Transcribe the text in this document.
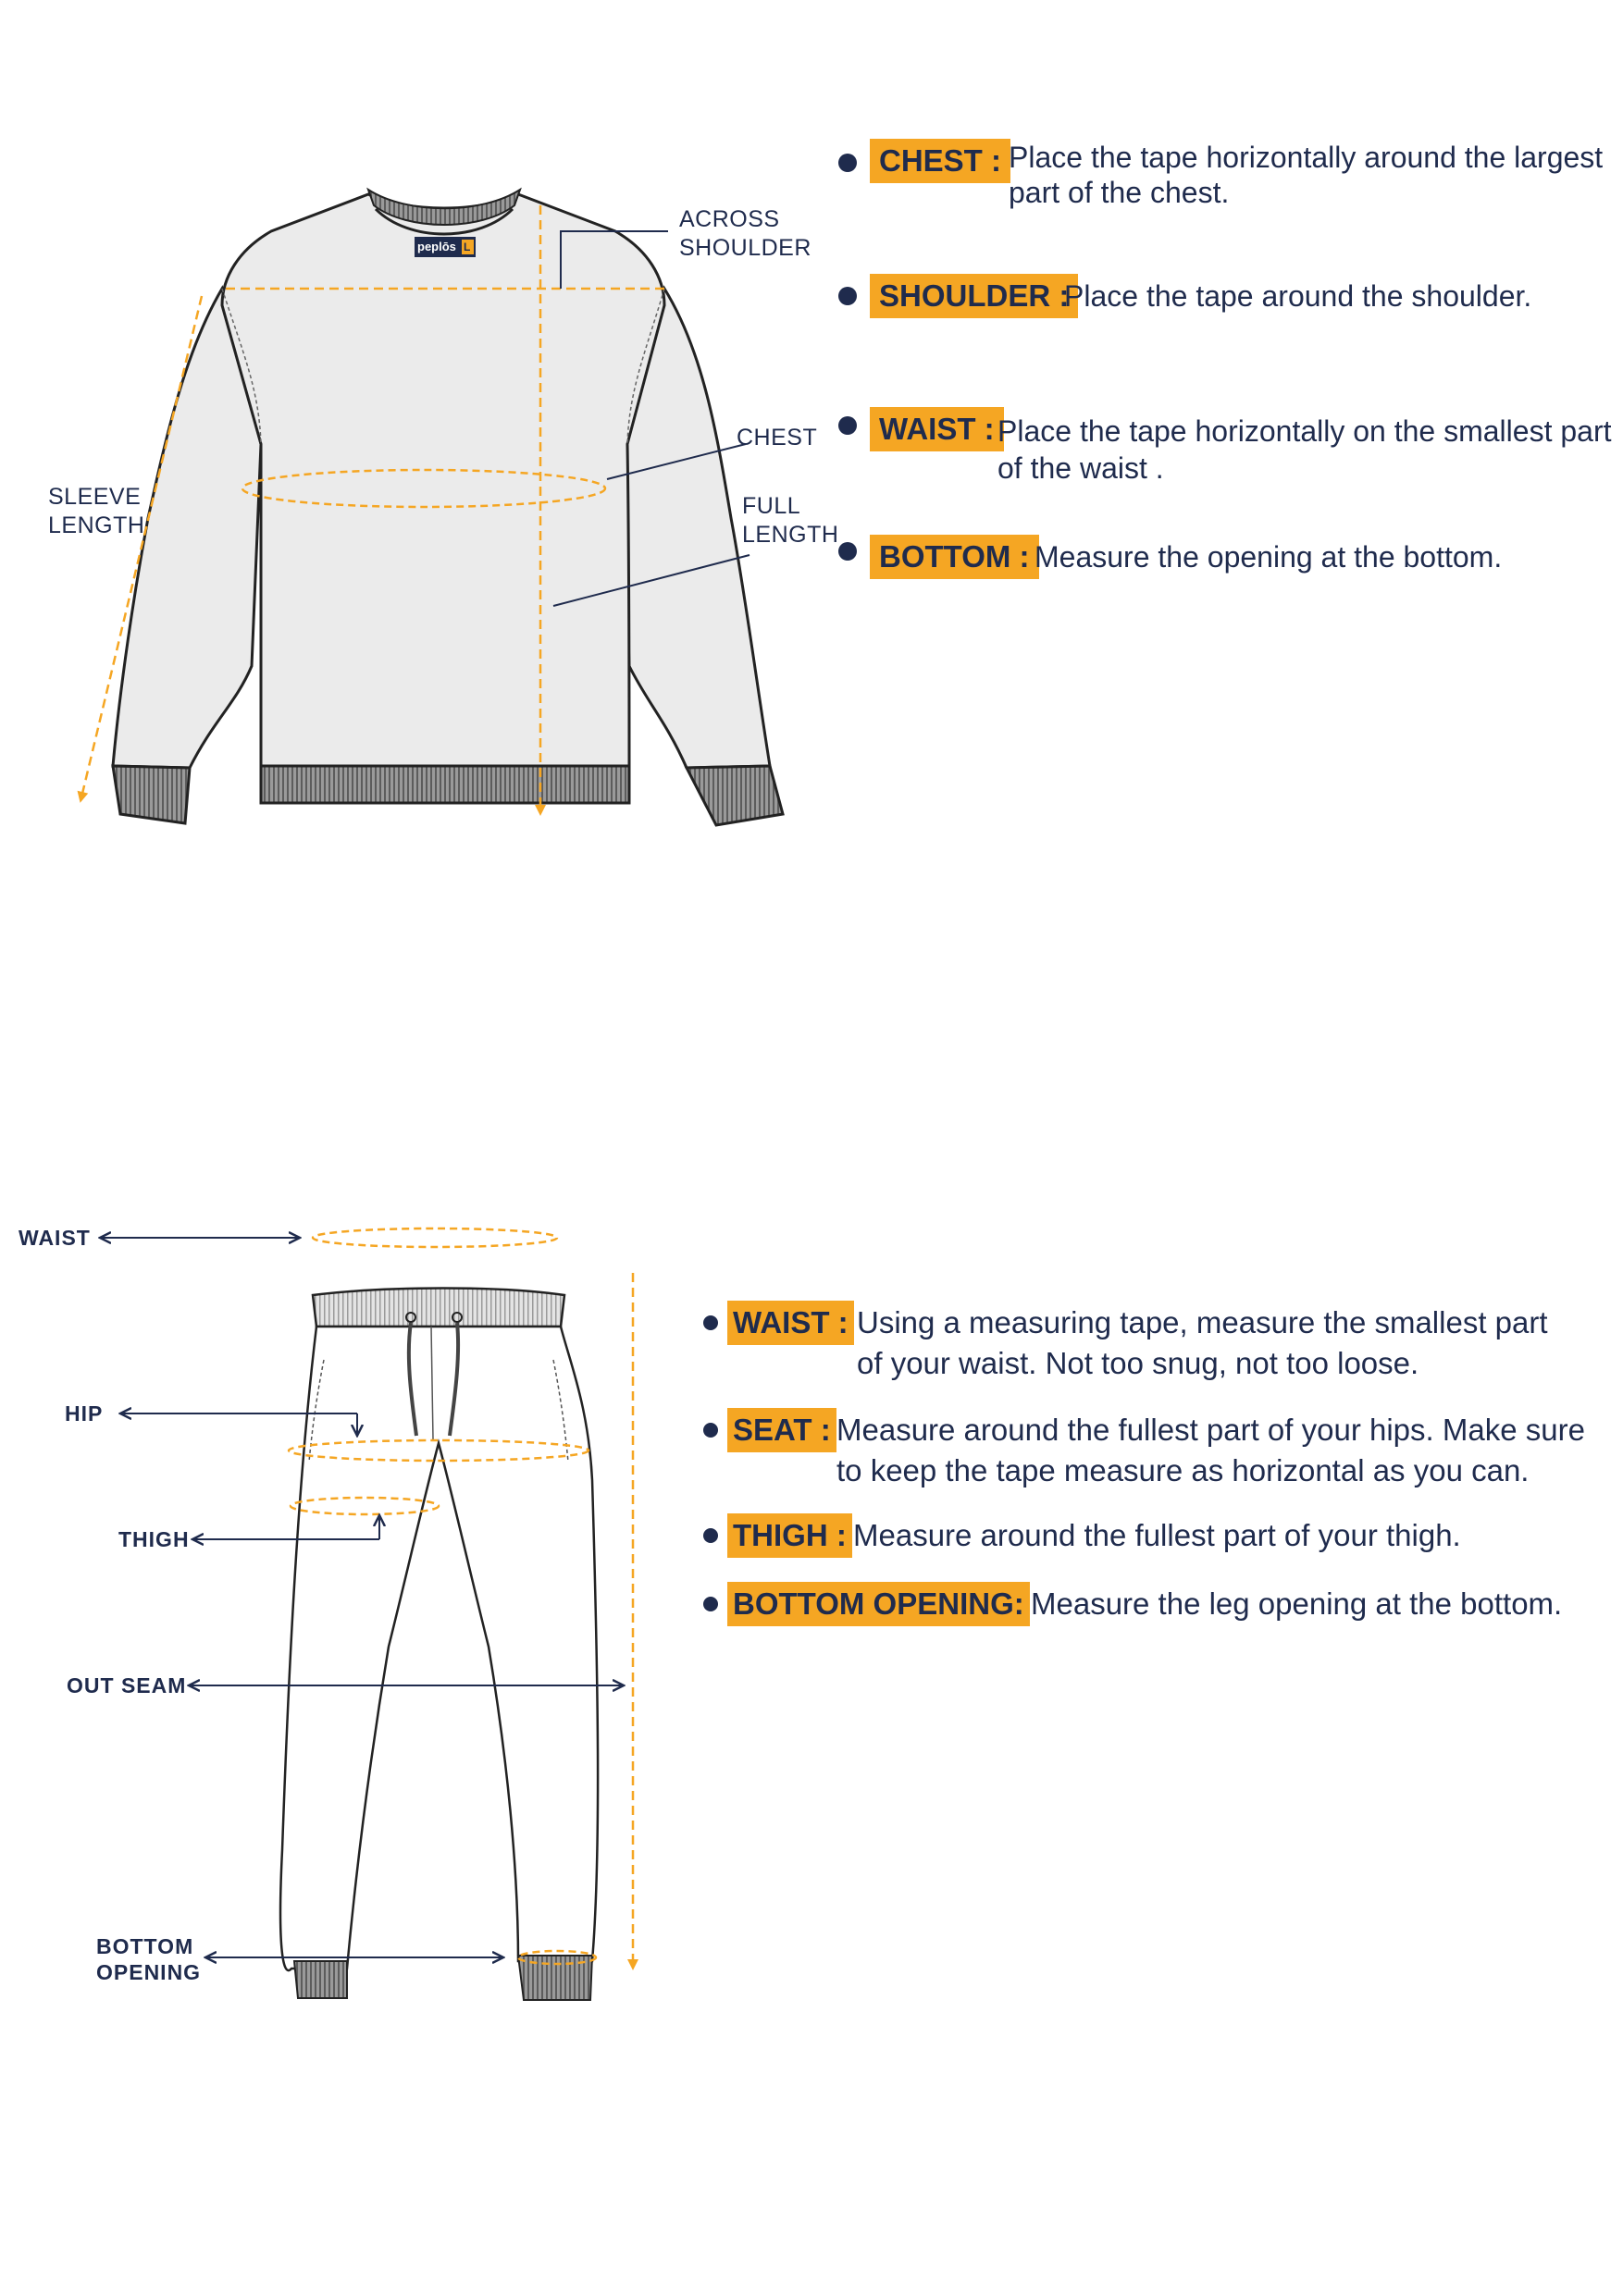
peplōs L
ACROSS
SHOULDER
CHEST
FULL
LENGTH
SLEEVE
LENGTH
CHEST : Place the tape horizontally around the largest
part of the chest.
SHOULDER :
Place the tape around the shoulder.
WAIST : Place the tape horizontally on the smallest part
of the waist .
BOTTOM : Measure the opening at the bottom.
WAIST
HIP
THIGH
OUT SEAM
BOTTOM
OPENING
WAIST : Using a measuring tape, measure the smallest part
of your waist. Not too snug, not too loose.
SEAT : Measure around the fullest part of your hips. Make sure
to keep the tape measure as horizontal as you can.
THIGH : Measure around the fullest part of your thigh.
BOTTOM OPENING: Measure the leg opening at the bottom.
